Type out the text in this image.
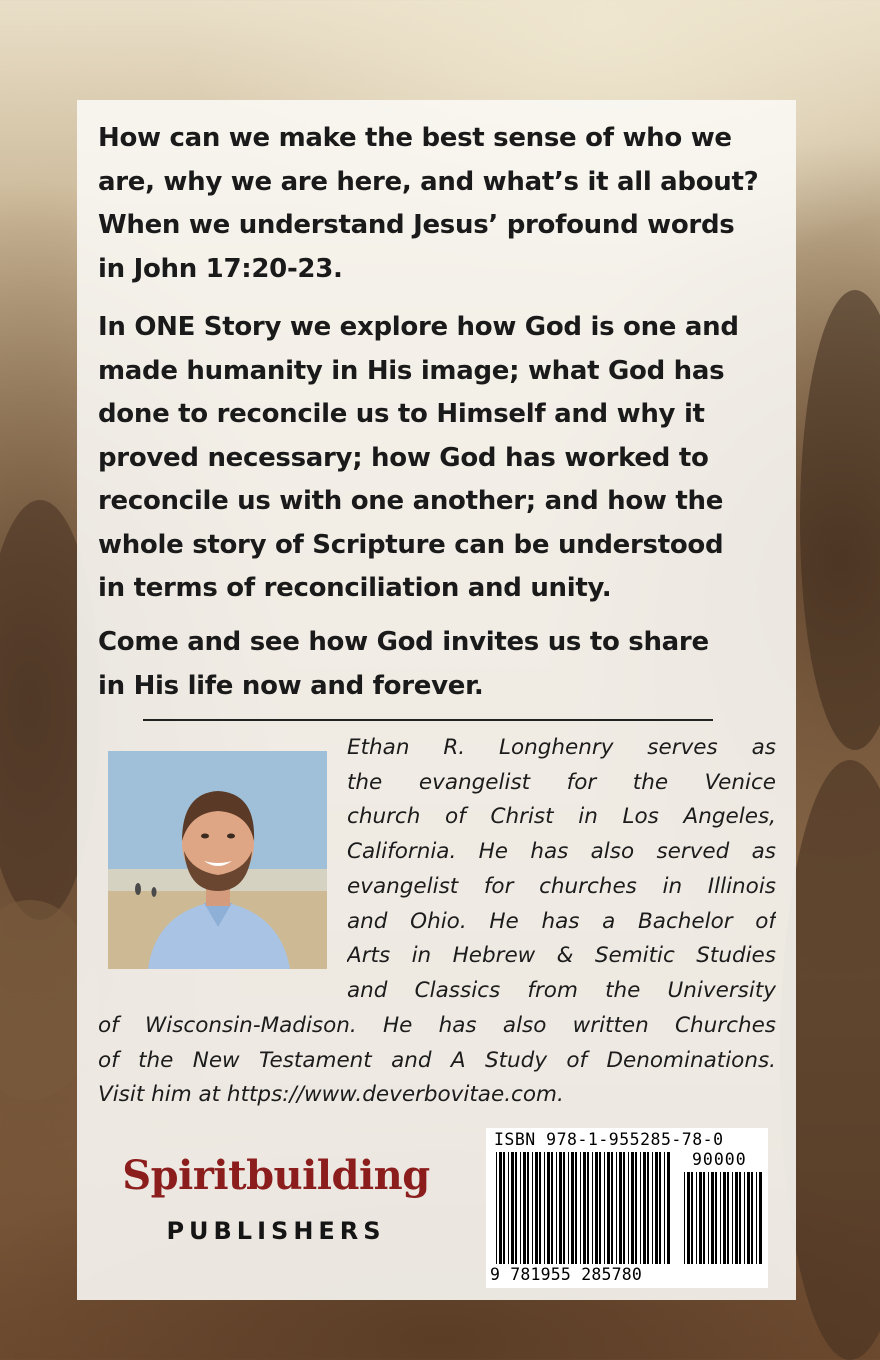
How can we make the best sense of who we
are, why we are here, and what’s it all about?
When we understand Jesus’ profound words
in John 17:20-23.

In ONE Story we explore how God is one and
made humanity in His image; what God has
done to reconcile us to Himself and why it
proved necessary; how God has worked to
reconcile us with one another; and how the
whole story of Scripture can be understood
in terms of reconciliation and unity.

Come and see how God invites us to share
in His life now and forever.

Ethan R. Longhenry serves as
the evangelist for the Venice
church of Christ in Los Angeles,
California. He has also served as
evangelist for churches in Illinois
and Ohio. He has a Bachelor of
Arts in Hebrew & Semitic Studies
and Classics from the University

of Wisconsin-Madison. He has also written Churches
of the New Testament and A Study of Denominations.
Visit him at https://www.deverbovitae.com.

Spiritbuilding
PUBLISHERS
ISBN 978-1-955285-78-0
90000
9 781955 285780
